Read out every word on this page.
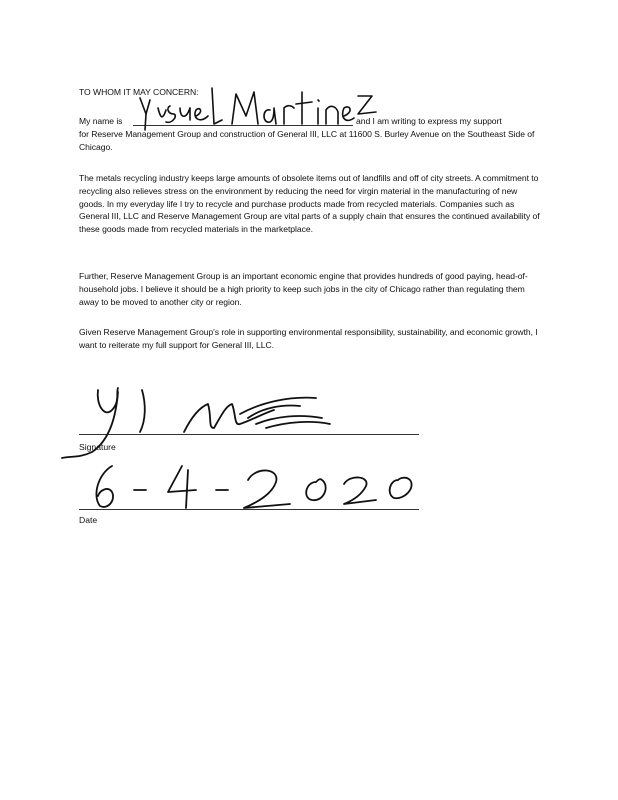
TO WHOM IT MAY CONCERN:
My name is	and I am writing to express my support
for Reserve Management Group and construction of General III, LLC at 11600 S. Burley Avenue on the Southeast Side of Chicago.
The metals recycling industry keeps large amounts of obsolete items out of landfills and off of city streets. A commitment to recycling also relieves stress on the environment by reducing the need for virgin material in the manufacturing of new goods. In my everyday life I try to recycle and purchase products made from recycled materials. Companies such as General III, LLC and Reserve Management Group are vital parts of a supply chain that ensures the continued availability of these goods made from recycled materials in the marketplace.
Further, Reserve Management Group is an important economic engine that provides hundreds of good paying, head-of-household jobs. I believe it should be a high priority to keep such jobs in the city of Chicago rather than regulating them away to be moved to another city or region.
Given Reserve Management Group's role in supporting environmental responsibility, sustainability, and economic growth, I want to reiterate my full support for General III, LLC.
Signature
Date
